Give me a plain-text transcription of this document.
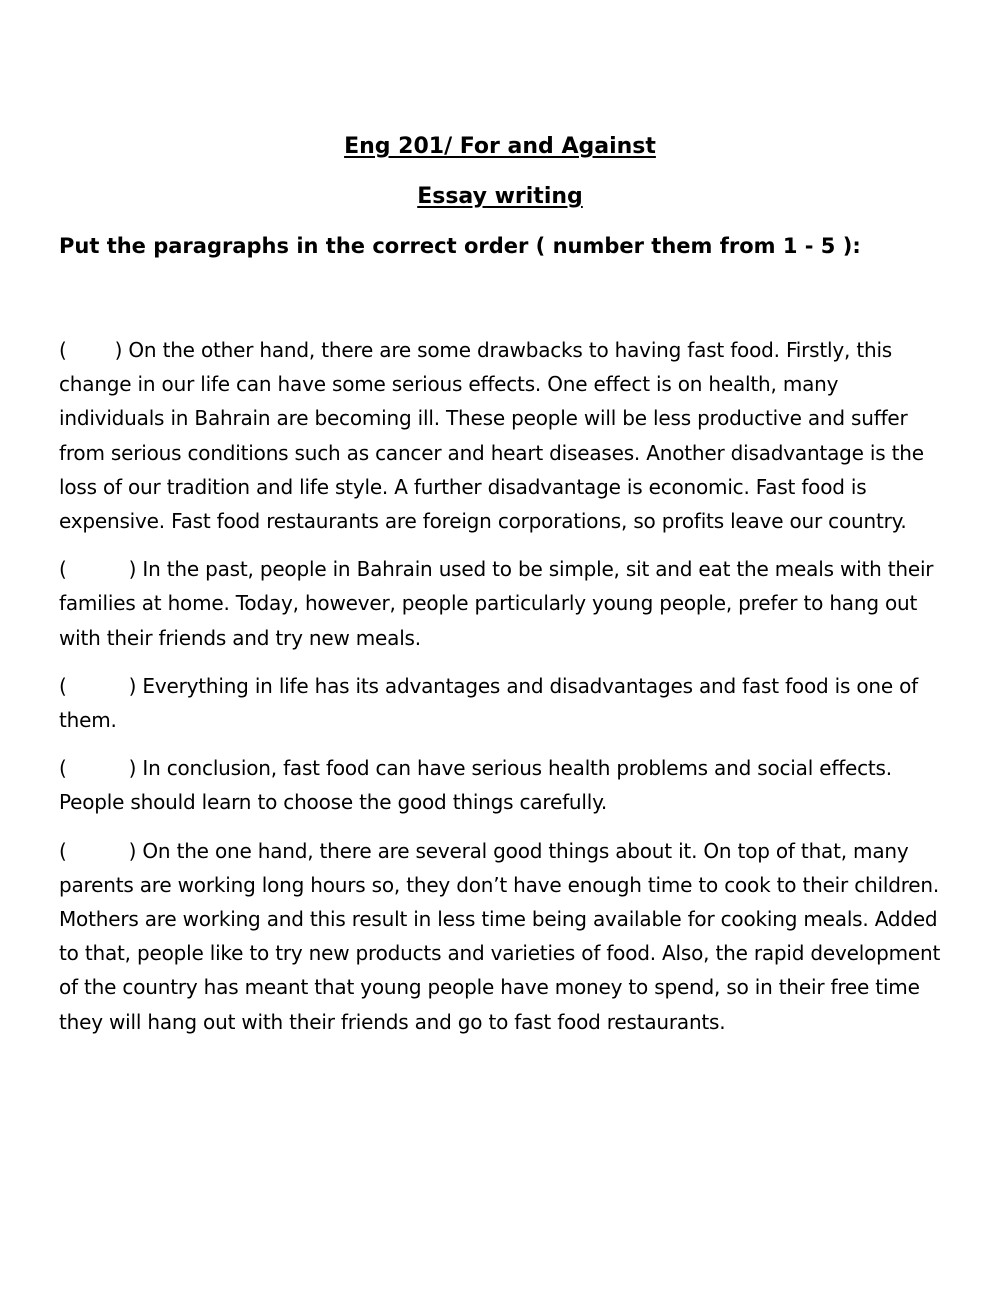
Eng 201/ For and Against
Essay writing

Put the paragraphs in the correct order ( number them from 1 - 5 ):

( ) On the other hand, there are some drawbacks to having fast food. Firstly, this change in our life can have some serious effects. One effect is on health, many individuals in Bahrain are becoming ill. These people will be less productive and suffer from serious conditions such as cancer and heart diseases. Another disadvantage is the loss of our tradition and life style. A further disadvantage is economic. Fast food is expensive. Fast food restaurants are foreign corporations, so profits leave our country.

(	) In the past, people in Bahrain used to be simple, sit and eat the meals with their families at home. Today, however, people particularly young people, prefer to hang out with their friends and try new meals.

(	) Everything in life has its advantages and disadvantages and fast food is one of them.

(	) In conclusion, fast food can have serious health problems and social effects. People should learn to choose the good things carefully.

(	) On the one hand, there are several good things about it. On top of that, many parents are working long hours so, they don’t have enough time to cook to their children. Mothers are working and this result in less time being available for cooking meals. Added to that, people like to try new products and varieties of food. Also, the rapid development of the country has meant that young people have money to spend, so in their free time they will hang out with their friends and go to fast food restaurants.
